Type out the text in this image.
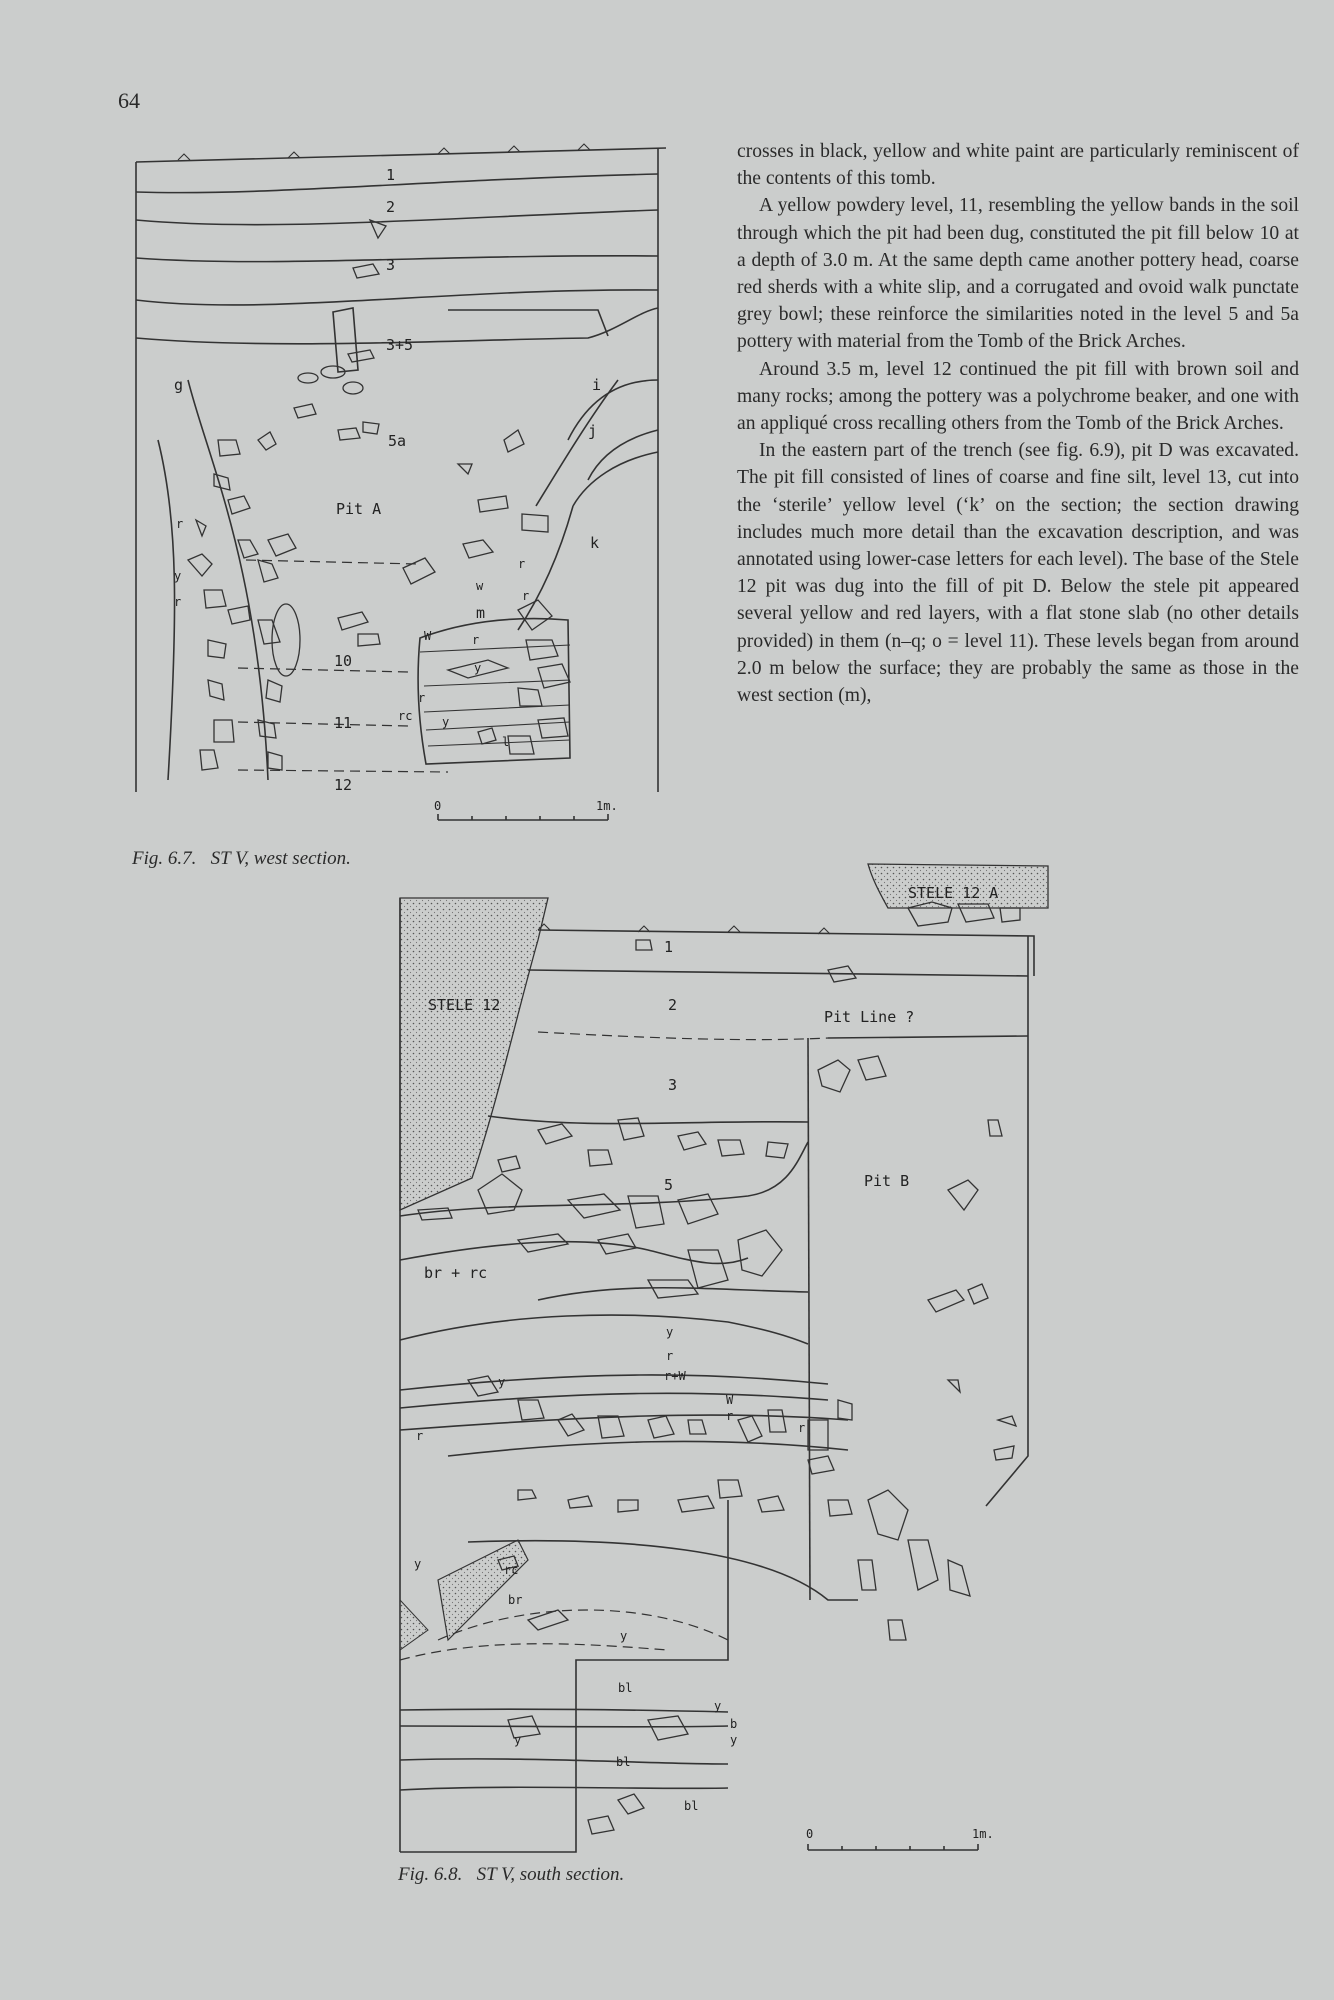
64

crosses in black, yellow and white paint are particularly reminiscent of the contents of this tomb.

A yellow powdery level, 11, resembling the yellow bands in the soil through which the pit had been dug, constituted the pit fill below 10 at a depth of 3.0 m. At the same depth came another pottery head, coarse red sherds with a white slip, and a corrugated and ovoid walk punctate grey bowl; these reinforce the similarities noted in the level 5 and 5a pottery with material from the Tomb of the Brick Arches.

Around 3.5 m, level 12 continued the pit fill with brown soil and many rocks; among the pottery was a polychrome beaker, and one with an appliqué cross recalling others from the Tomb of the Brick Arches.

In the eastern part of the trench (see fig. 6.9), pit D was excavated. The pit fill consisted of lines of coarse and fine silt, level 13, cut into the ‘sterile’ yellow level (‘k’ on the section; the section drawing includes much more detail than the excavation description, and was annotated using lower-case letters for each level). The base of the Stele 12 pit was dug into the fill of pit D. Below the stele pit appeared several yellow and red layers, with a flat stone slab (no other details provided) in them (n–q; o = level 11). These levels began from around 2.0 m below the surface; they are probably the same as those in the west section (m),

1
2
3
3+5
5a
Pit A
10
11
12
g	i
j
k
m
w
W
r
r
r
r
r
y
y
y
r
rc
l
0	1m.
Fig. 6.7.   ST V, west section.
STELE 12
STELE 12 A
1
2
3
5
Pit Line ?
Pit B
br + rc
y
r
r+W
y
W
r
r
r
y	rc
br
y
y
bl
y
b
y
bl
bl
0	1m.
Fig. 6.8.   ST V, south section.
